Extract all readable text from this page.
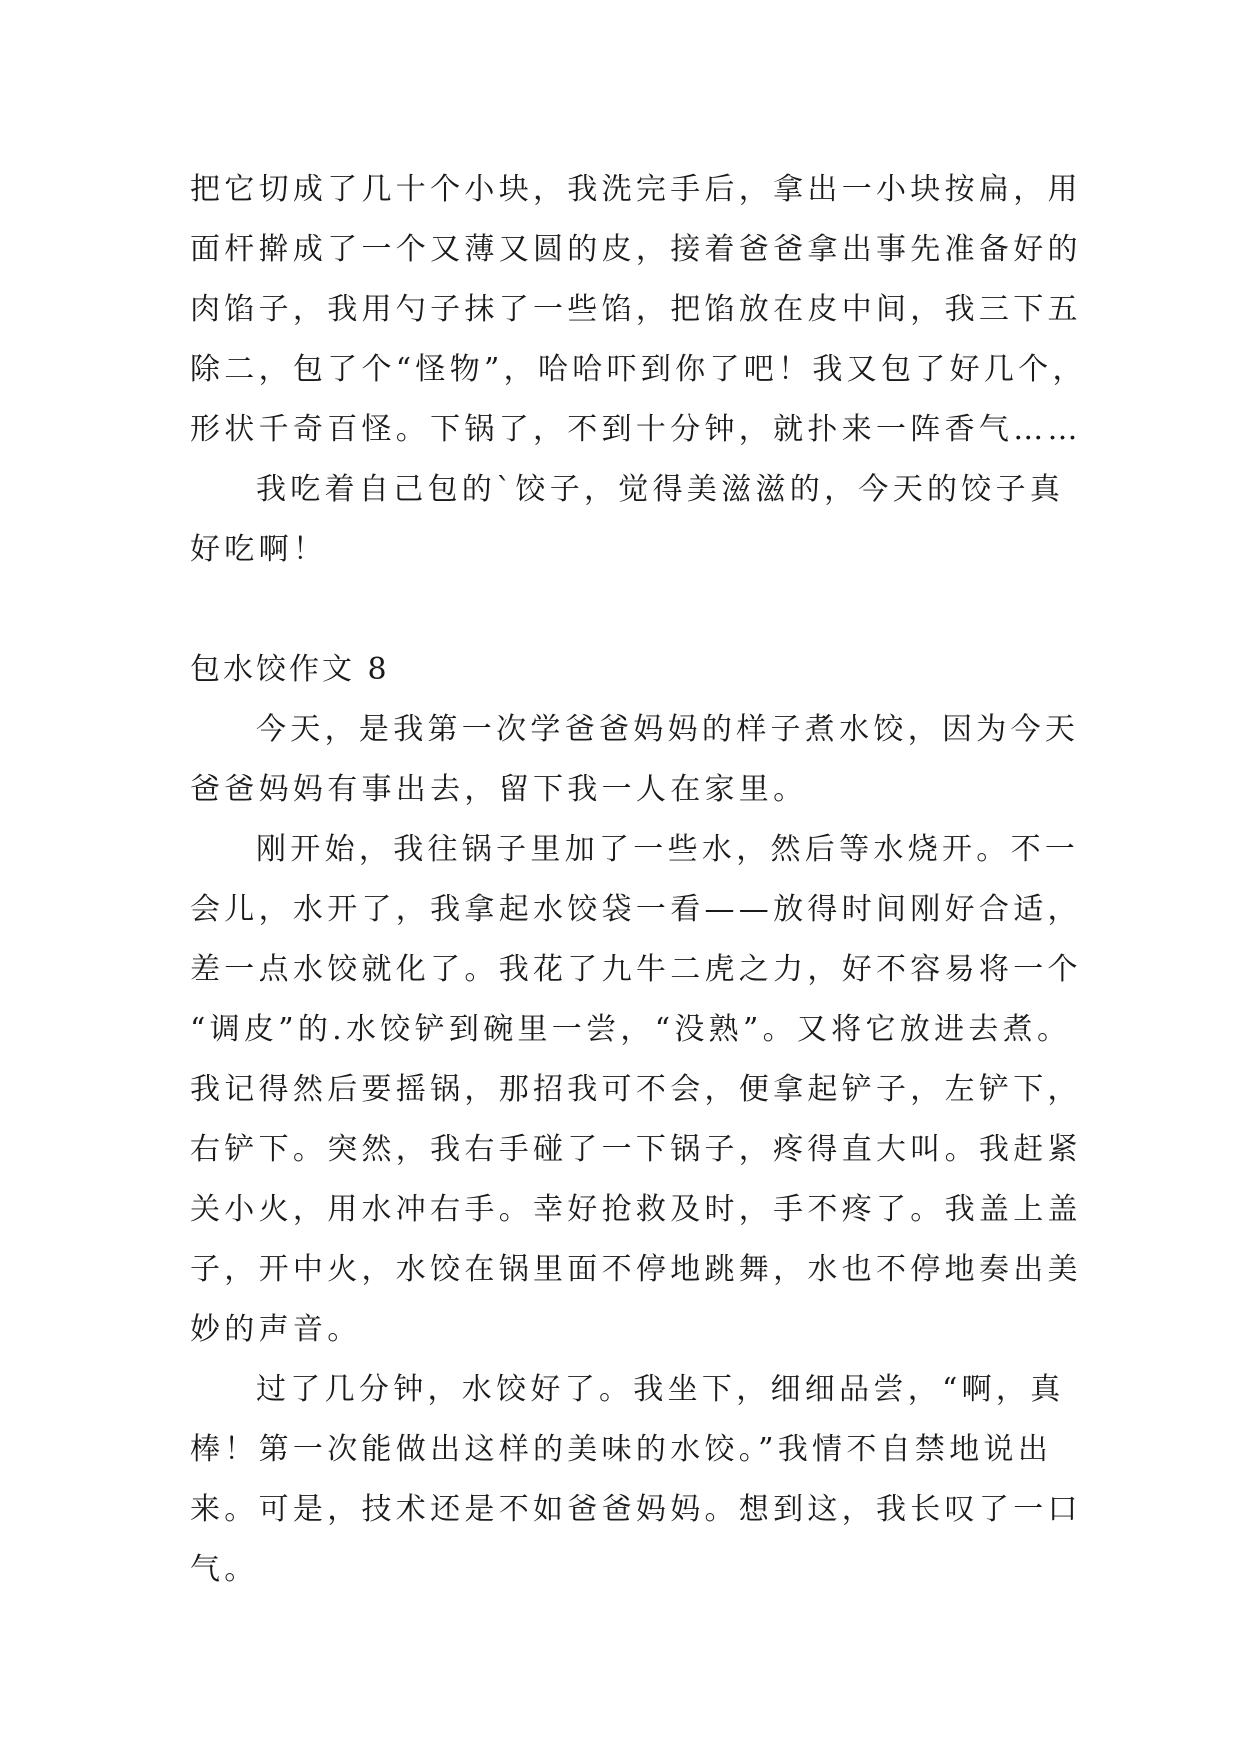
把它切成了几十个小块，我洗完手后，拿出一小块按扁，用
面杆擀成了一个又薄又圆的皮，接着爸爸拿出事先准备好的
肉馅子，我用勺子抹了一些馅，把馅放在皮中间，我三下五
除二，包了个“怪物”，哈哈吓到你了吧！我又包了好几个，
形状千奇百怪。下锅了，不到十分钟，就扑来一阵香气……
我吃着自己包的`饺子，觉得美滋滋的，今天的饺子真
好吃啊！
包水饺作文 8
今天，是我第一次学爸爸妈妈的样子煮水饺，因为今天
爸爸妈妈有事出去，留下我一人在家里。
刚开始，我往锅子里加了一些水，然后等水烧开。不一
会儿，水开了，我拿起水饺袋一看——放得时间刚好合适，
差一点水饺就化了。我花了九牛二虎之力，好不容易将一个
“调皮”的.水饺铲到碗里一尝，“没熟”。又将它放进去煮。
我记得然后要摇锅，那招我可不会，便拿起铲子，左铲下，
右铲下。突然，我右手碰了一下锅子，疼得直大叫。我赶紧
关小火，用水冲右手。幸好抢救及时，手不疼了。我盖上盖
子，开中火，水饺在锅里面不停地跳舞，水也不停地奏出美
妙的声音。
过了几分钟，水饺好了。我坐下，细细品尝，“啊，真
棒！第一次能做出这样的美味的水饺。”我情不自禁地说出
来。可是，技术还是不如爸爸妈妈。想到这，我长叹了一口
气。
